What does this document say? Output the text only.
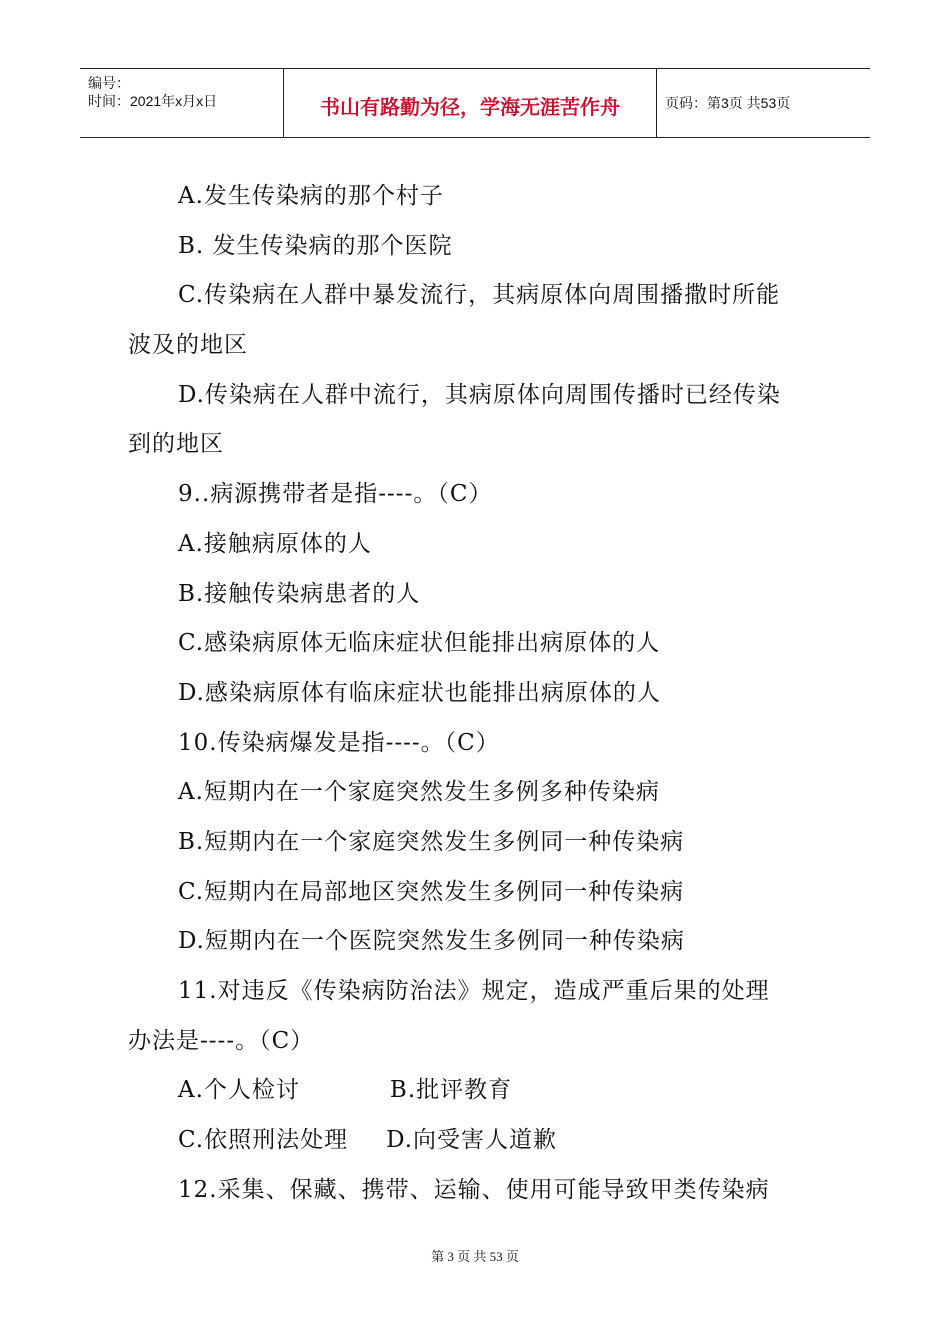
编号：
时间：2021年x月x日	书山有路勤为径，学海无涯苦作舟	页码：第3页 共53页
A.发生传染病的那个村子
B. 发生传染病的那个医院
C.传染病在人群中暴发流行，其病原体向周围播撒时所能
波及的地区
D.传染病在人群中流行，其病原体向周围传播时已经传染
到的地区
9..病源携带者是指----。（C）
A.接触病原体的人
B.接触传染病患者的人
C.感染病原体无临床症状但能排出病原体的人
D.感染病原体有临床症状也能排出病原体的人
10.传染病爆发是指----。（C）
A.短期内在一个家庭突然发生多例多种传染病
B.短期内在一个家庭突然发生多例同一种传染病
C.短期内在局部地区突然发生多例同一种传染病
D.短期内在一个医院突然发生多例同一种传染病
11.对违反《传染病防治法》规定，造成严重后果的处理
办法是----。（C）
A.个人检讨	B.批评教育
C.依照刑法处理 D.向受害人道歉
12.采集、保藏、携带、运输、使用可能导致甲类传染病
第 3 页 共 53 页
